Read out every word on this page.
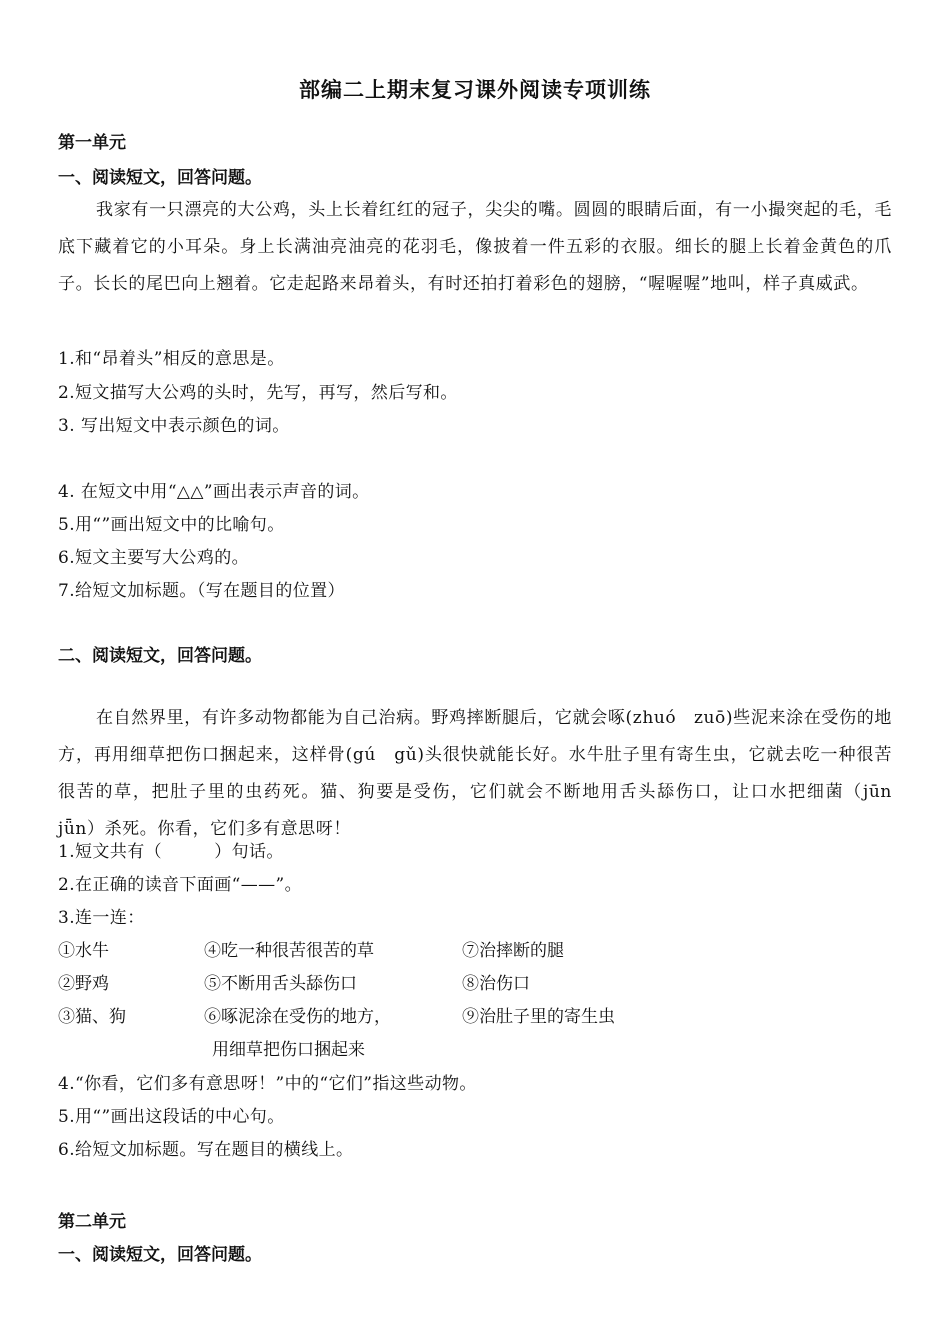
部编二上期末复习课外阅读专项训练
第一单元
一、阅读短文，回答问题。
我家有一只漂亮的大公鸡，头上长着红红的冠子，尖尖的嘴。圆圆的眼睛后面，有一小撮突起的毛，毛底下藏着它的小耳朵。身上长满油亮油亮的花羽毛，像披着一件五彩的衣服。细长的腿上长着金黄色的爪子。长长的尾巴向上翘着。它走起路来昂着头，有时还拍打着彩色的翅膀，“喔喔喔”地叫，样子真威武。
1.和“昂着头”相反的意思是。
2.短文描写大公鸡的头时，先写，再写，然后写和。
3. 写出短文中表示颜色的词。
4. 在短文中用“△△”画出表示声音的词。
5.用“”画出短文中的比喻句。
6.短文主要写大公鸡的。
7.给短文加标题。（写在题目的位置）
二、阅读短文，回答问题。
在自然界里，有许多动物都能为自己治病。野鸡摔断腿后，它就会啄(zhuó　zuō)些泥来涂在受伤的地方，再用细草把伤口捆起来，这样骨(gú　gǔ)头很快就能长好。水牛肚子里有寄生虫，它就去吃一种很苦很苦的草，把肚子里的虫药死。猫、狗要是受伤，它们就会不断地用舌头舔伤口，让口水把细菌（jūn　jǖn）杀死。你看，它们多有意思呀！
1.短文共有（　　　）句话。
2.在正确的读音下面画“——”。
3.连一连：
①水牛
②野鸡
③猫、狗
④吃一种很苦很苦的草
⑤不断用舌头舔伤口
⑥啄泥涂在受伤的地方，
用细草把伤口捆起来
⑦治摔断的腿
⑧治伤口
⑨治肚子里的寄生虫
4.“你看，它们多有意思呀！”中的“它们”指这些动物。
5.用“”画出这段话的中心句。
6.给短文加标题。写在题目的横线上。
第二单元
一、阅读短文，回答问题。
